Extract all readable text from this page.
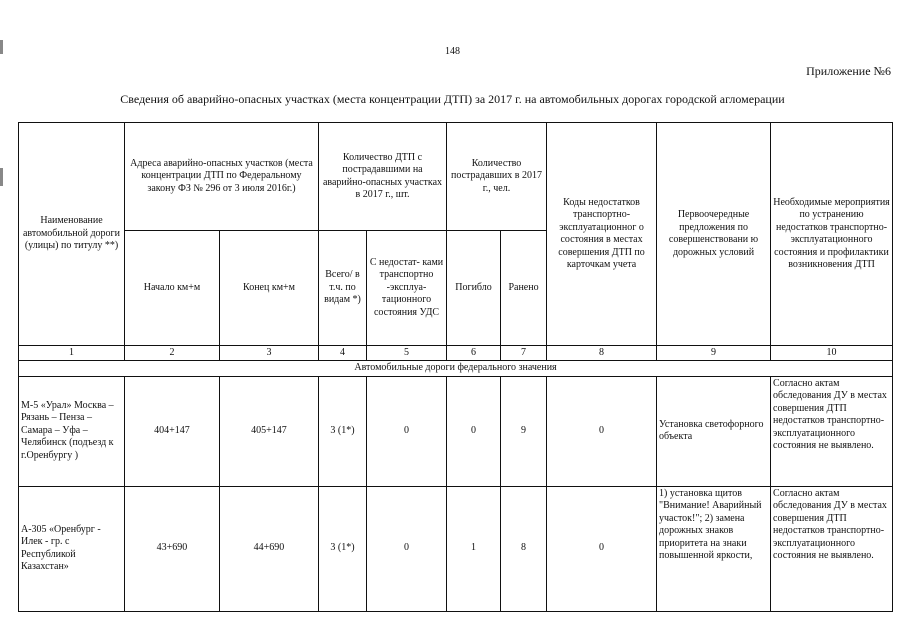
148
Приложение №6
Сведения об аварийно-опасных участках (места концентрации ДТП) за 2017 г. на автомобильных дорогах городской агломерации
Наименование автомобильной дороги (улицы) по титулу **)	Адреса аварийно-опасных участков (места концентрации ДТП по Федеральному закону ФЗ № 296 от 3 июля 2016г.)		Количество ДТП с пострадавшими на аварийно-опасных участках в 2017 г., шт.		Количество пострадавших в 2017 г., чел.		Коды недостатков транспортно-эксплуатационног о состояния в местах совершения ДТП по карточкам учета	Первоочередные предложения по совершенствовани ю дорожных условий	Необходимые мероприятия по устранению недостатков транспортно-эксплуатационного состояния и профилактики возникновения ДТП
	Начало км+м	Конец км+м	Всего/ в т.ч. по видам *)	С недостат- ками транспортно -эксплуа- тационного состояния УДС	Погибло	Ранено			
1	2	3	4	5	6	7	8	9	10
Автомобильные дороги федерального значения									
М-5 «Урал» Москва – Рязань – Пенза – Самара – Уфа – Челябинск (подъезд к г.Оренбургу )	404+147	405+147	3 (1*)	0	0	9	0	Установка светофорного объекта	Согласно актам обследования ДУ в местах совершения ДТП недостатков транспортно-эксплуатационного состояния не выявлено.
А-305 «Оренбург - Илек - гр. с Республикой Казахстан»	43+690	44+690	3 (1*)	0	1	8	0	1) установка щитов "Внимание! Аварийный участок!"; 2) замена дорожных знаков приоритета на знаки повышенной яркости,	Согласно актам обследования ДУ в местах совершения ДТП недостатков транспортно-эксплуатационного состояния не выявлено.
